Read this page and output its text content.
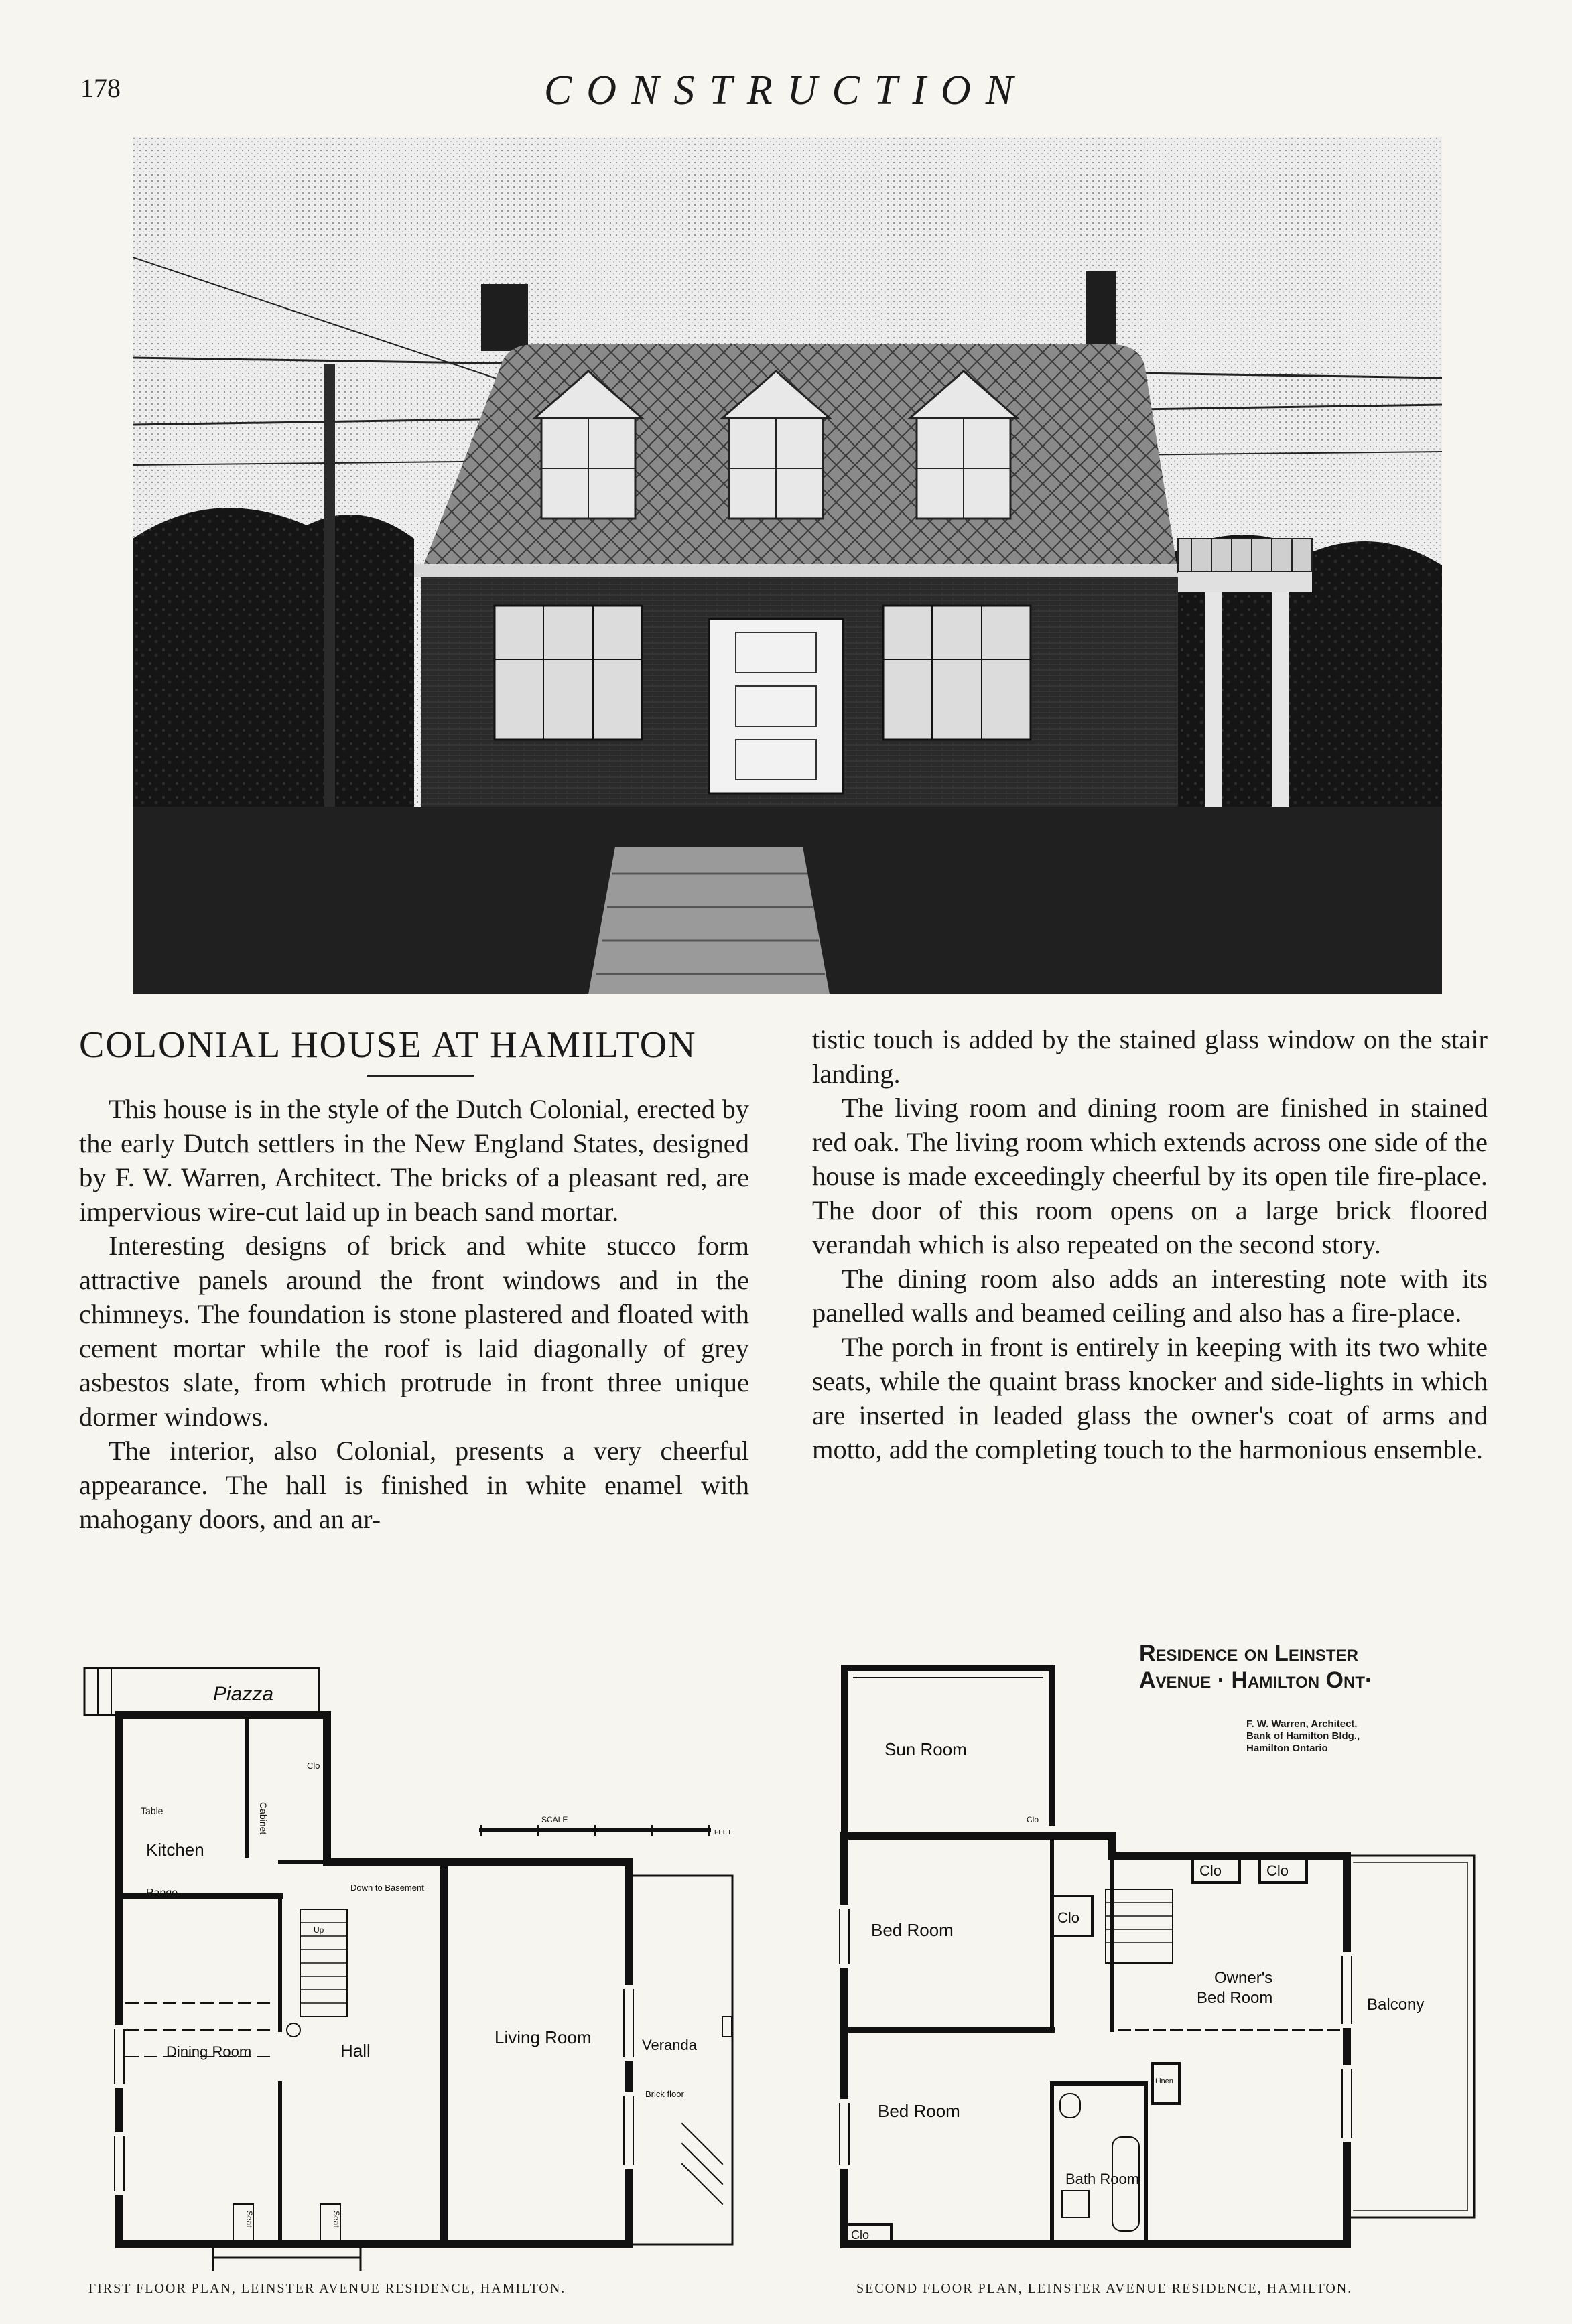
178	CONSTRUCTION
COLONIAL HOUSE AT HAMILTON

This house is in the style of the Dutch Colonial, erected by the early Dutch settlers in the New England States, designed by F. W. Warren, Architect. The bricks of a pleasant red, are impervious wire-cut laid up in beach sand mortar.

Interesting designs of brick and white stucco form attractive panels around the front windows and in the chimneys. The foundation is stone plastered and floated with cement mortar while the roof is laid diagonally of grey asbestos slate, from which protrude in front three unique dormer windows.

The interior, also Colonial, presents a very cheerful appearance. The hall is finished in white enamel with mahogany doors, and an ar-

tistic touch is added by the stained glass window on the stair landing.

The living room and dining room are finished in stained red oak. The living room which extends across one side of the house is made exceedingly cheerful by its open tile fire-place. The door of this room opens on a large brick floored verandah which is also repeated on the second story.

The dining room also adds an interesting note with its panelled walls and beamed ceiling and also has a fire-place.

The porch in front is entirely in keeping with its two white seats, while the quaint brass knocker and side-lights in which are inserted in leaded glass the owner's coat of arms and motto, add the completing touch to the harmonious ensemble.

Residence on Leinster
Avenue · Hamilton Ont·
F. W. Warren, Architect.
Bank of Hamilton Bldg.,
Hamilton Ontario
Piazza
SCALE
FEET
Table
Kitchen
Range
Cabinet
Clo
Up
Down to Basement
Dining Room	Hall
Living Room	Veranda
Brick floor
Seat	Seat
Sun Room
Clo
Bed Room
Clo
Clo	Clo
Owner's
Bed Room	Balcony
Bed Room
Linen
Bath Room
Clo
FIRST FLOOR PLAN, LEINSTER AVENUE RESIDENCE, HAMILTON.	SECOND FLOOR PLAN, LEINSTER AVENUE RESIDENCE, HAMILTON.
